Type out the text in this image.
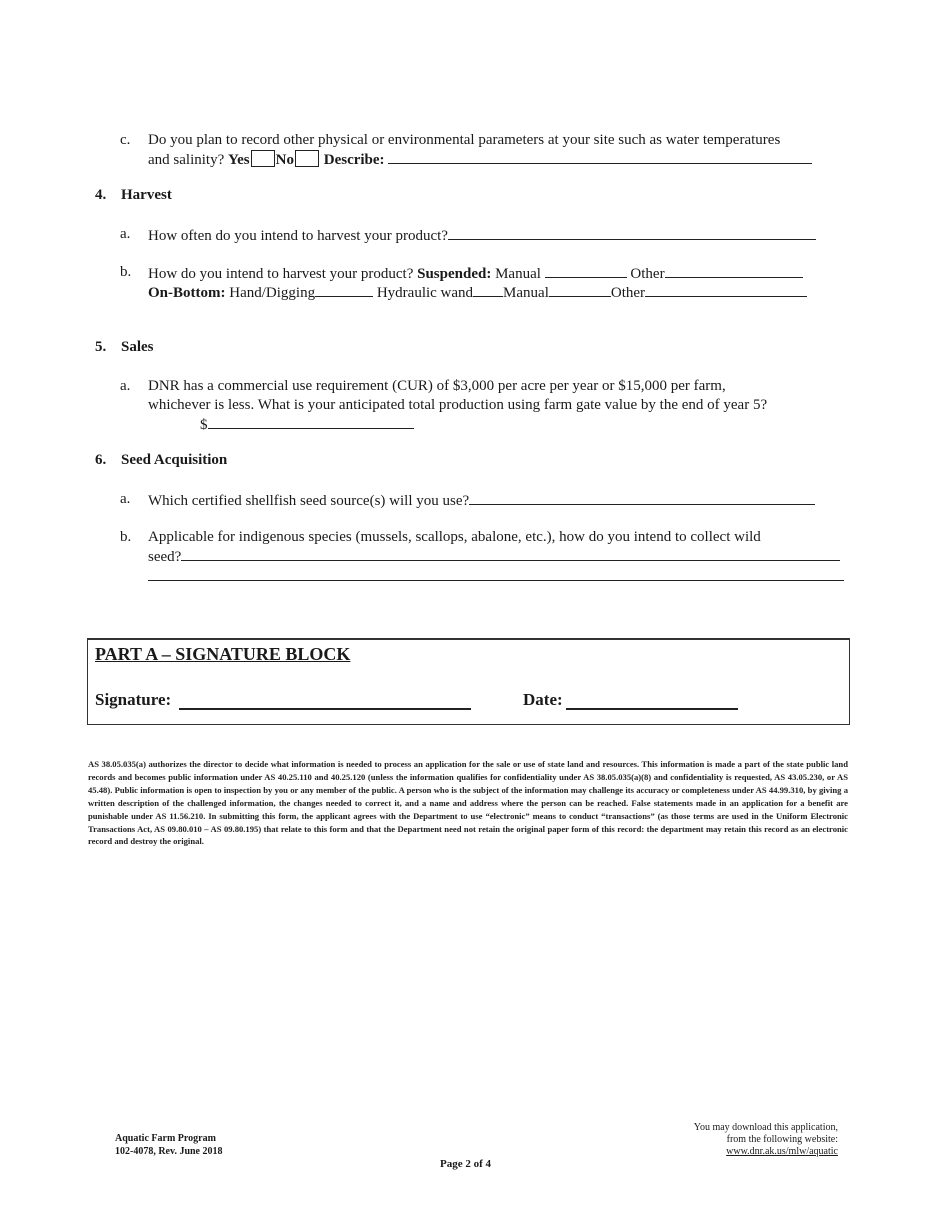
c. Do you plan to record other physical or environmental parameters at your site such as water temperatures
and salinity? Yes No Describe:
4. Harvest
a. How often do you intend to harvest your product?
b. How do you intend to harvest your product? Suspended: Manual	Other
On-Bottom: Hand/Digging	Hydraulic wand Manual	Other
5. Sales
a. DNR has a commercial use requirement (CUR) of $3,000 per acre per year or $15,000 per farm,
whichever is less. What is your anticipated total production using farm gate value by the end of year 5?
$
6. Seed Acquisition
a. Which certified shellfish seed source(s) will you use?
b. Applicable for indigenous species (mussels, scallops, abalone, etc.), how do you intend to collect wild
seed?
PART A – SIGNATURE BLOCK
Signature:	Date:
AS 38.05.035(a) authorizes the director to decide what information is needed to process an application for the sale or use of state land and resources. This information is made a part of the state public land records and becomes public information under AS 40.25.110 and 40.25.120 (unless the information qualifies for confidentiality under AS 38.05.035(a)(8) and confidentiality is requested, AS 43.05.230, or AS 45.48). Public information is open to inspection by you or any member of the public. A person who is the subject of the information may challenge its accuracy or completeness under AS 44.99.310, by giving a written description of the challenged information, the changes needed to correct it, and a name and address where the person can be reached. False statements made in an application for a benefit are punishable under AS 11.56.210. In submitting this form, the applicant agrees with the Department to use “electronic” means to conduct “transactions” (as those terms are used in the Uniform Electronic Transactions Act, AS 09.80.010 – AS 09.80.195) that relate to this form and that the Department need not retain the original paper form of this record: the department may retain this record as an electronic record and destroy the original.
Aquatic Farm Program
102-4078, Rev. June 2018
Page 2 of 4
You may download this application,
from the following website:
www.dnr.ak.us/mlw/aquatic
